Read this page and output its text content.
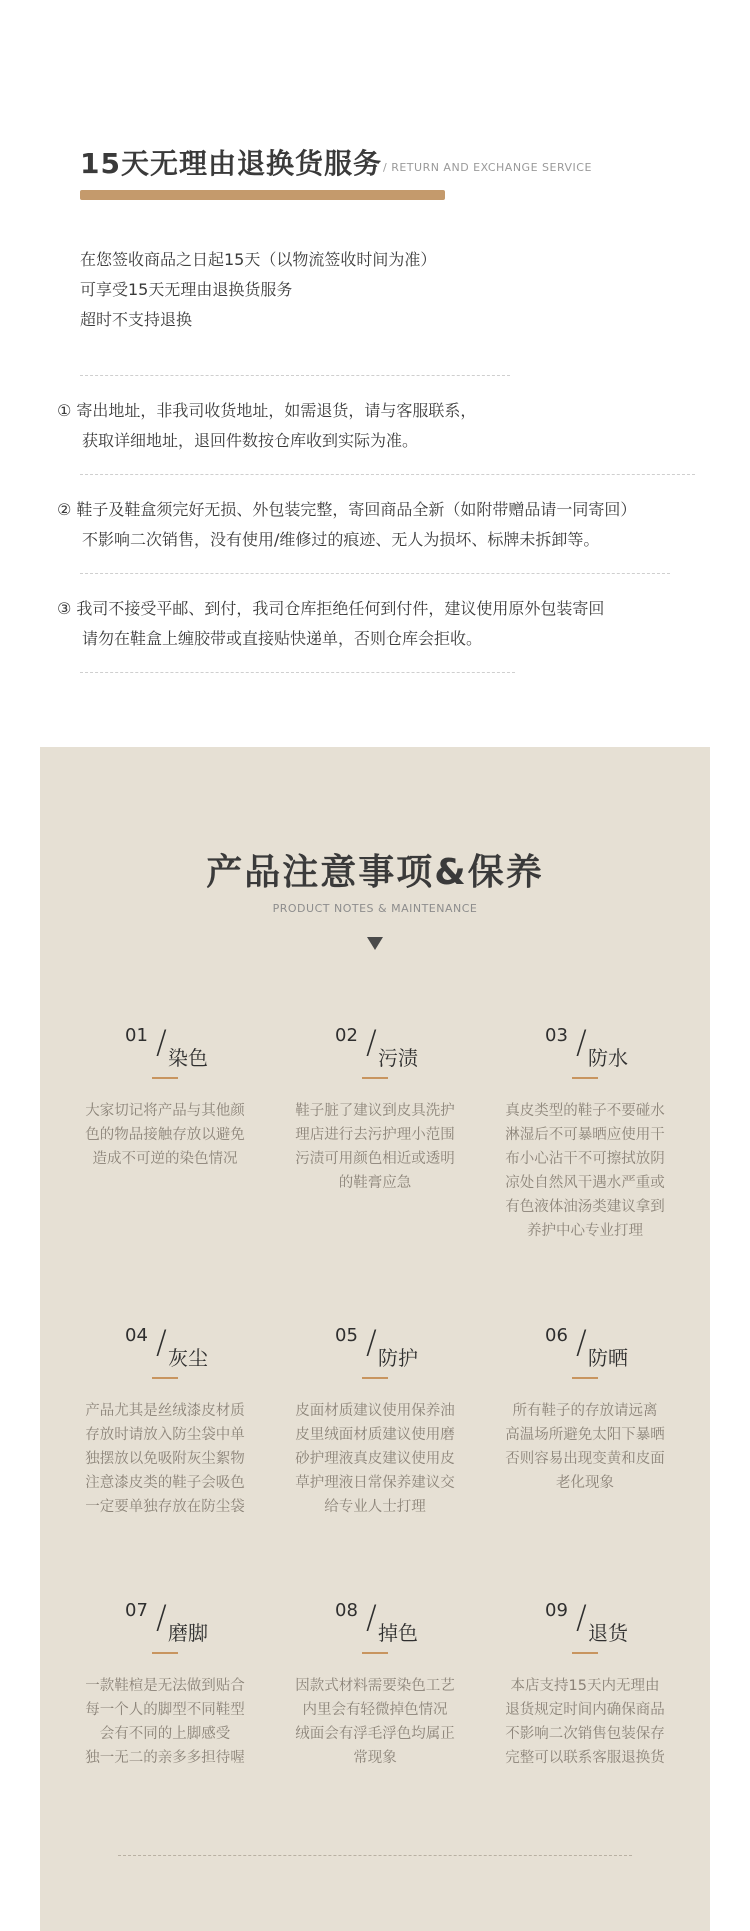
15天无理由退换货服务 / RETURN AND EXCHANGE SERVICE
在您签收商品之日起15天（以物流签收时间为准）
可享受15天无理由退换货服务
超时不支持退换
① 寄出地址，非我司收货地址，如需退货，请与客服联系，
获取详细地址，退回件数按仓库收到实际为准。
② 鞋子及鞋盒须完好无损、外包装完整，寄回商品全新（如附带赠品请一同寄回）
不影响二次销售，没有使用/维修过的痕迹、无人为损坏、标牌未拆卸等。
③ 我司不接受平邮、到付，我司仓库拒绝任何到付件，建议使用原外包装寄回
请勿在鞋盒上缠胶带或直接贴快递单，否则仓库会拒收。
产品注意事项&保养
PRODUCT NOTES & MAINTENANCE
01 / 染色
大家切记将产品与其他颜
色的物品接触存放以避免
造成不可逆的染色情况
02 / 污渍
鞋子脏了建议到皮具洗护
理店进行去污护理小范围
污渍可用颜色相近或透明
的鞋膏应急
03 / 防水
真皮类型的鞋子不要碰水
淋湿后不可暴晒应使用干
布小心沾干不可擦拭放阴
凉处自然风干遇水严重或
有色液体油汤类建议拿到
养护中心专业打理
04 / 灰尘
产品尤其是丝绒漆皮材质
存放时请放入防尘袋中单
独摆放以免吸附灰尘絮物
注意漆皮类的鞋子会吸色
一定要单独存放在防尘袋
05 / 防护
皮面材质建议使用保养油
皮里绒面材质建议使用磨
砂护理液真皮建议使用皮
草护理液日常保养建议交
给专业人士打理
06 / 防晒
所有鞋子的存放请远离
高温场所避免太阳下暴晒
否则容易出现变黄和皮面
老化现象
07 / 磨脚
一款鞋楦是无法做到贴合
每一个人的脚型不同鞋型
会有不同的上脚感受
独一无二的亲多多担待喔
08 / 掉色
因款式材料需要染色工艺
内里会有轻微掉色情况
绒面会有浮毛浮色均属正
常现象
09 / 退货
本店支持15天内无理由
退货规定时间内确保商品
不影响二次销售包装保存
完整可以联系客服退换货
